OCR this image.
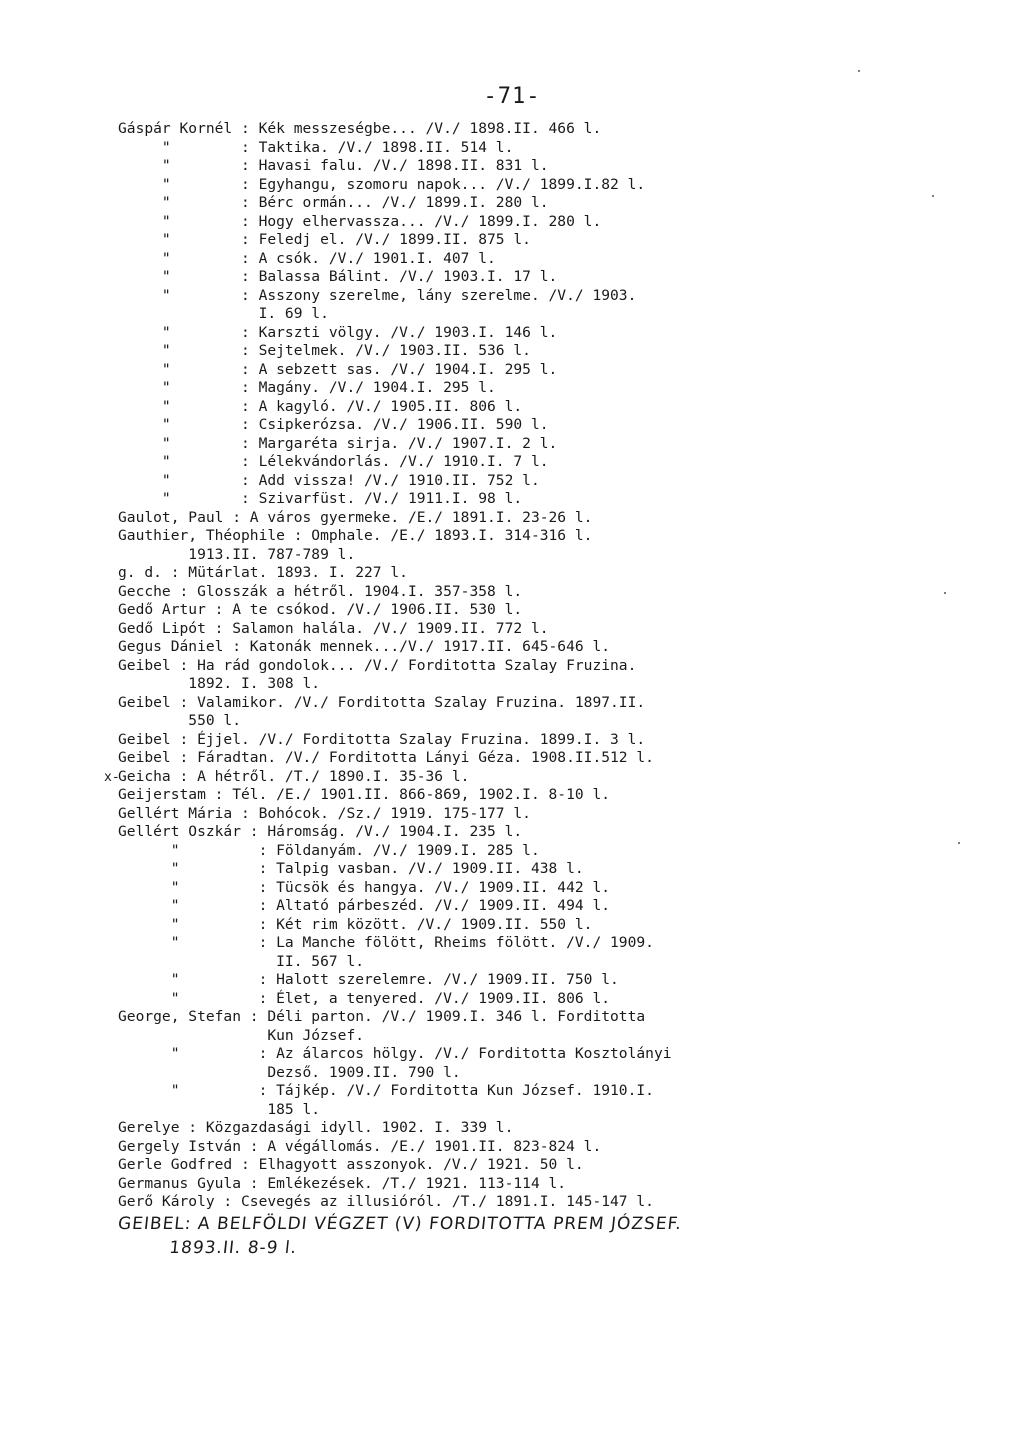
-71-
x-
Gáspár Kornél : Kék messzeségbe... /V./ 1898.II. 466 l.
"        : Taktika. /V./ 1898.II. 514 l.
"        : Havasi falu. /V./ 1898.II. 831 l.
"        : Egyhangu, szomoru napok... /V./ 1899.I.82 l.
"        : Bérc ormán... /V./ 1899.I. 280 l.
"        : Hogy elhervassza... /V./ 1899.I. 280 l.
"        : Feledj el. /V./ 1899.II. 875 l.
"        : A csók. /V./ 1901.I. 407 l.
"        : Balassa Bálint. /V./ 1903.I. 17 l.
"        : Asszony szerelme, lány szerelme. /V./ 1903.
I. 69 l.
"        : Karszti völgy. /V./ 1903.I. 146 l.
"        : Sejtelmek. /V./ 1903.II. 536 l.
"        : A sebzett sas. /V./ 1904.I. 295 l.
"        : Magány. /V./ 1904.I. 295 l.
"        : A kagyló. /V./ 1905.II. 806 l.
"        : Csipkerózsa. /V./ 1906.II. 590 l.
"        : Margaréta sirja. /V./ 1907.I. 2 l.
"        : Lélekvándorlás. /V./ 1910.I. 7 l.
"        : Add vissza! /V./ 1910.II. 752 l.
"        : Szivarfüst. /V./ 1911.I. 98 l.
Gaulot, Paul : A város gyermeke. /E./ 1891.I. 23-26 l.
Gauthier, Théophile : Omphale. /E./ 1893.I. 314-316 l.
1913.II. 787-789 l.
g. d. : Mütárlat. 1893. I. 227 l.
Gecche : Glosszák a hétről. 1904.I. 357-358 l.
Gedő Artur : A te csókod. /V./ 1906.II. 530 l.
Gedő Lipót : Salamon halála. /V./ 1909.II. 772 l.
Gegus Dániel : Katonák mennek.../V./ 1917.II. 645-646 l.
Geibel : Ha rád gondolok... /V./ Forditotta Szalay Fruzina.
1892. I. 308 l.
Geibel : Valamikor. /V./ Forditotta Szalay Fruzina. 1897.II.
550 l.
Geibel : Éjjel. /V./ Forditotta Szalay Fruzina. 1899.I. 3 l.
Geibel : Fáradtan. /V./ Forditotta Lányi Géza. 1908.II.512 l.
Geicha : A hétről. /T./ 1890.I. 35-36 l.
Geijerstam : Tél. /E./ 1901.II. 866-869, 1902.I. 8-10 l.
Gellért Mária : Bohócok. /Sz./ 1919. 175-177 l.
Gellért Oszkár : Háromság. /V./ 1904.I. 235 l.
"         : Földanyám. /V./ 1909.I. 285 l.
"         : Talpig vasban. /V./ 1909.II. 438 l.
"         : Tücsök és hangya. /V./ 1909.II. 442 l.
"         : Altató párbeszéd. /V./ 1909.II. 494 l.
"         : Két rim között. /V./ 1909.II. 550 l.
"         : La Manche fölött, Rheims fölött. /V./ 1909.
II. 567 l.
"         : Halott szerelemre. /V./ 1909.II. 750 l.
"         : Élet, a tenyered. /V./ 1909.II. 806 l.
George, Stefan : Déli parton. /V./ 1909.I. 346 l. Forditotta
Kun József.
"         : Az álarcos hölgy. /V./ Forditotta Kosztolányi
Dezső. 1909.II. 790 l.
"         : Tájkép. /V./ Forditotta Kun József. 1910.I.
185 l.
Gerelye : Közgazdasági idyll. 1902. I. 339 l.
Gergely István : A végállomás. /E./ 1901.II. 823-824 l.
Gerle Godfred : Elhagyott asszonyok. /V./ 1921. 50 l.
Germanus Gyula : Emlékezések. /T./ 1921. 113-114 l.
Gerő Károly : Csevegés az illusióról. /T./ 1891.I. 145-147 l.
GEIBEL: A BELFÖLDI VÉGZET (V) FORDITOTTA PREM JÓZSEF.
1893.II. 8-9 l.
